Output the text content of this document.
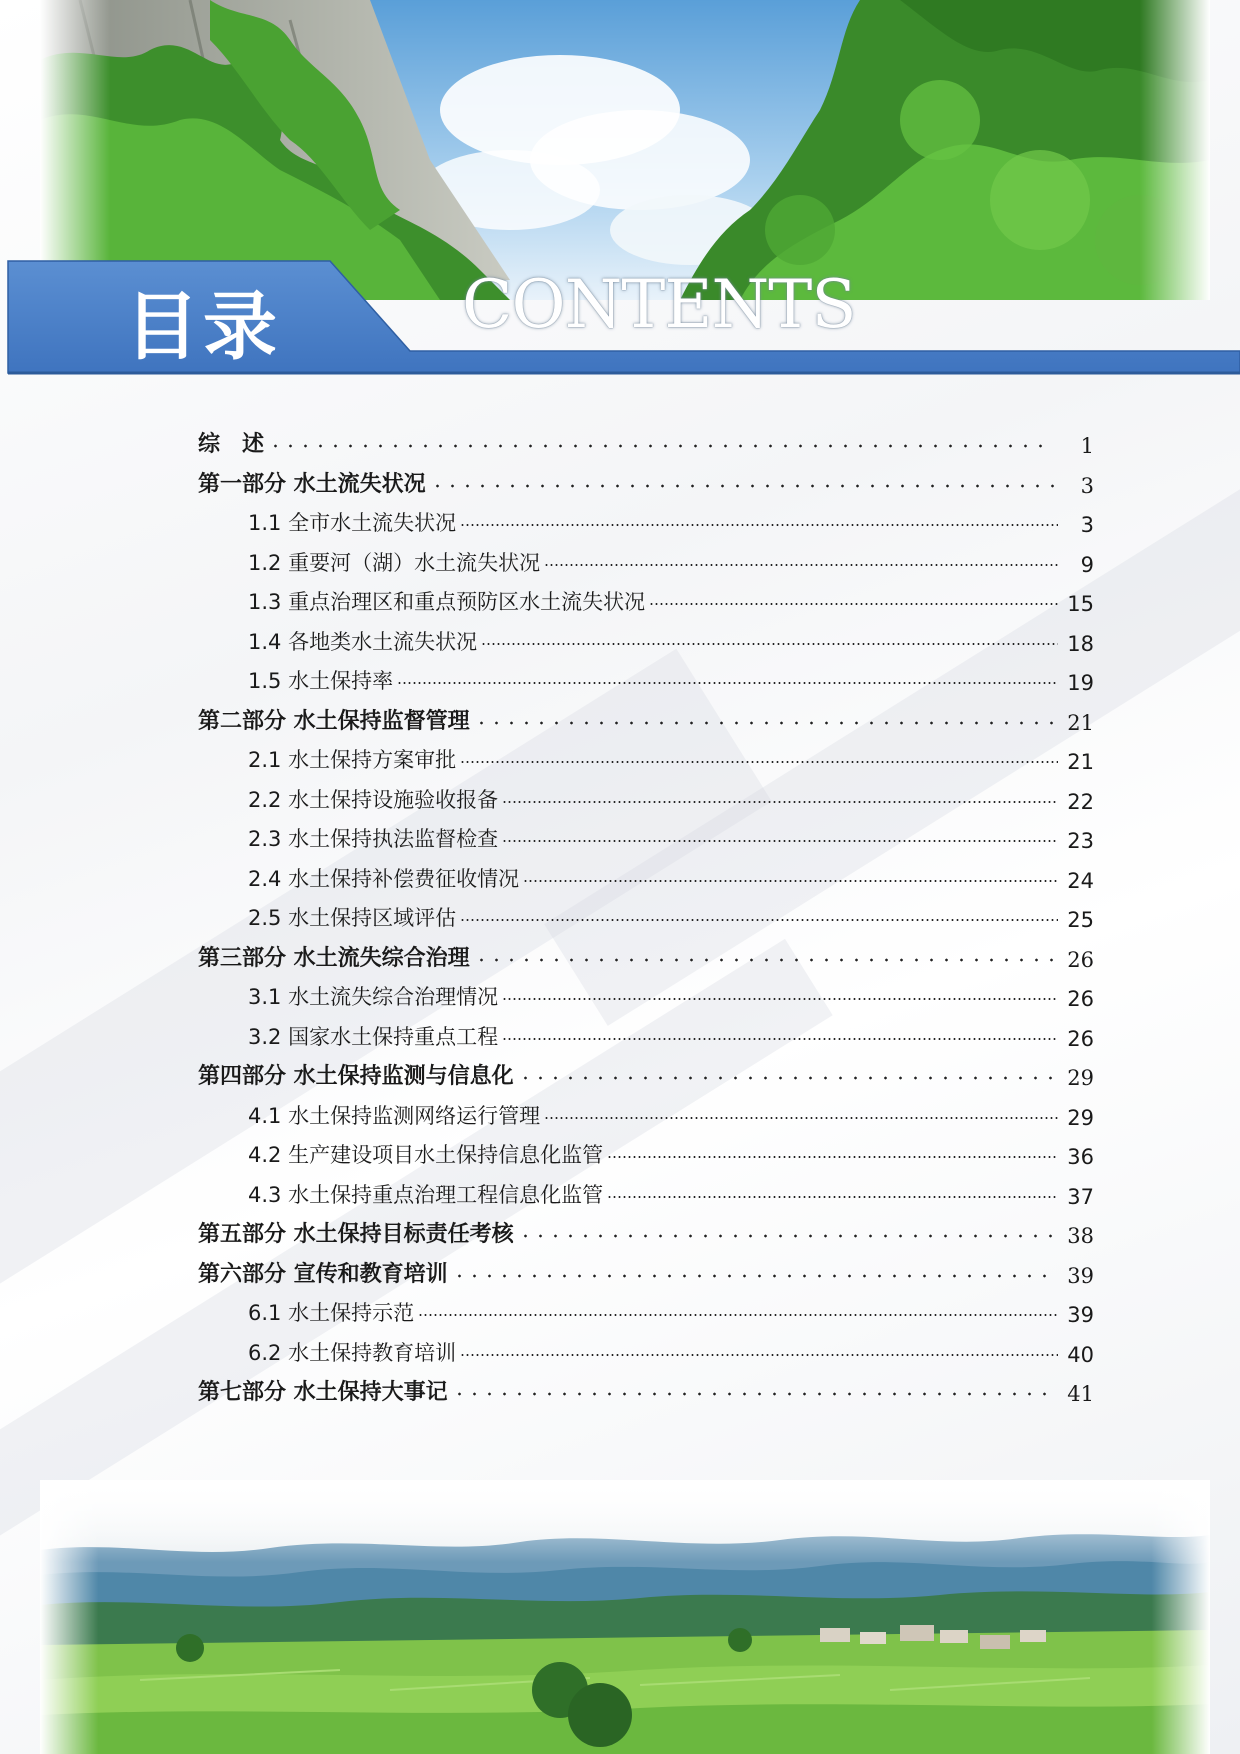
目录	CONTENTS
综　述	1
第一部分 水土流失状况	3
1.1 全市水土流失状况	3
1.2 重要河（湖）水土流失状况	9
1.3 重点治理区和重点预防区水土流失状况	15
1.4 各地类水土流失状况	18
1.5 水土保持率	19
第二部分 水土保持监督管理	21
2.1 水土保持方案审批	21
2.2 水土保持设施验收报备	22
2.3 水土保持执法监督检查	23
2.4 水土保持补偿费征收情况	24
2.5 水土保持区域评估	25
第三部分 水土流失综合治理	26
3.1 水土流失综合治理情况	26
3.2 国家水土保持重点工程	26
第四部分 水土保持监测与信息化	29
4.1 水土保持监测网络运行管理	29
4.2 生产建设项目水土保持信息化监管	36
4.3 水土保持重点治理工程信息化监管	37
第五部分 水土保持目标责任考核	38
第六部分 宣传和教育培训	39
6.1 水土保持示范	39
6.2 水土保持教育培训	40
第七部分 水土保持大事记	41
